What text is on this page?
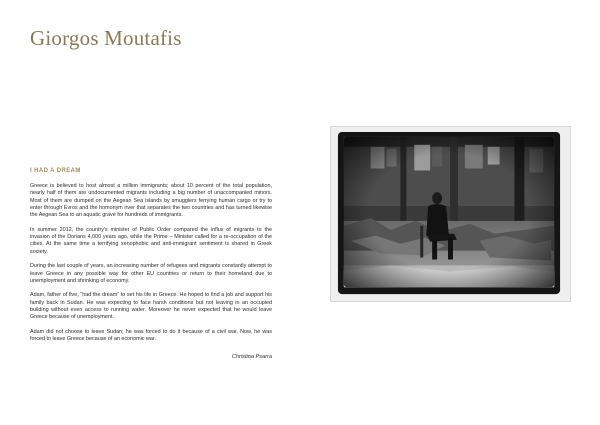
Giorgos Moutafis
I HAD A DREAM

Greece is believed to host almost a million immigrants; about 10 percent of the total population, nearly half of them are undocumented migrants including a big number of unaccompanied minors. Most of them are dumped on the Aegean Sea islands by smugglers ferrying human cargo or try to enter through Evros and the homonym river that separates the two countries and has turned likewise the Aegean Sea to an aquatic grave for hundreds of immigrants.

In summer 2012, the country's minister of Public Order compared the influx of migrants to the invasion of the Dorians 4,000 years ago, while the Prime – Minister called for a re-occupation of the cities. At the same time a terrifying xenophobic and anti-immigrant sentiment is shared in Greek society.

During the last couple of years, an increasing number of refugees and migrants constantly attempt to leave Greece in any possible way for other EU countries or return to their homeland due to unemployment and shrinking of economy.

Adam, father of five, “had the dream” to set his life in Greece. He hoped to find a job and support his family back in Sudan. He was expecting to face harsh conditions but not leaving in an occupied building without even access to running water. Moreover he never expected that he would leave Greece because of unemployment.

Adam did not choose to leave Sudan; he was forced to do it because of a civil war. Now, he was forced to leave Greece because of an economic war.

Christina Psarra
